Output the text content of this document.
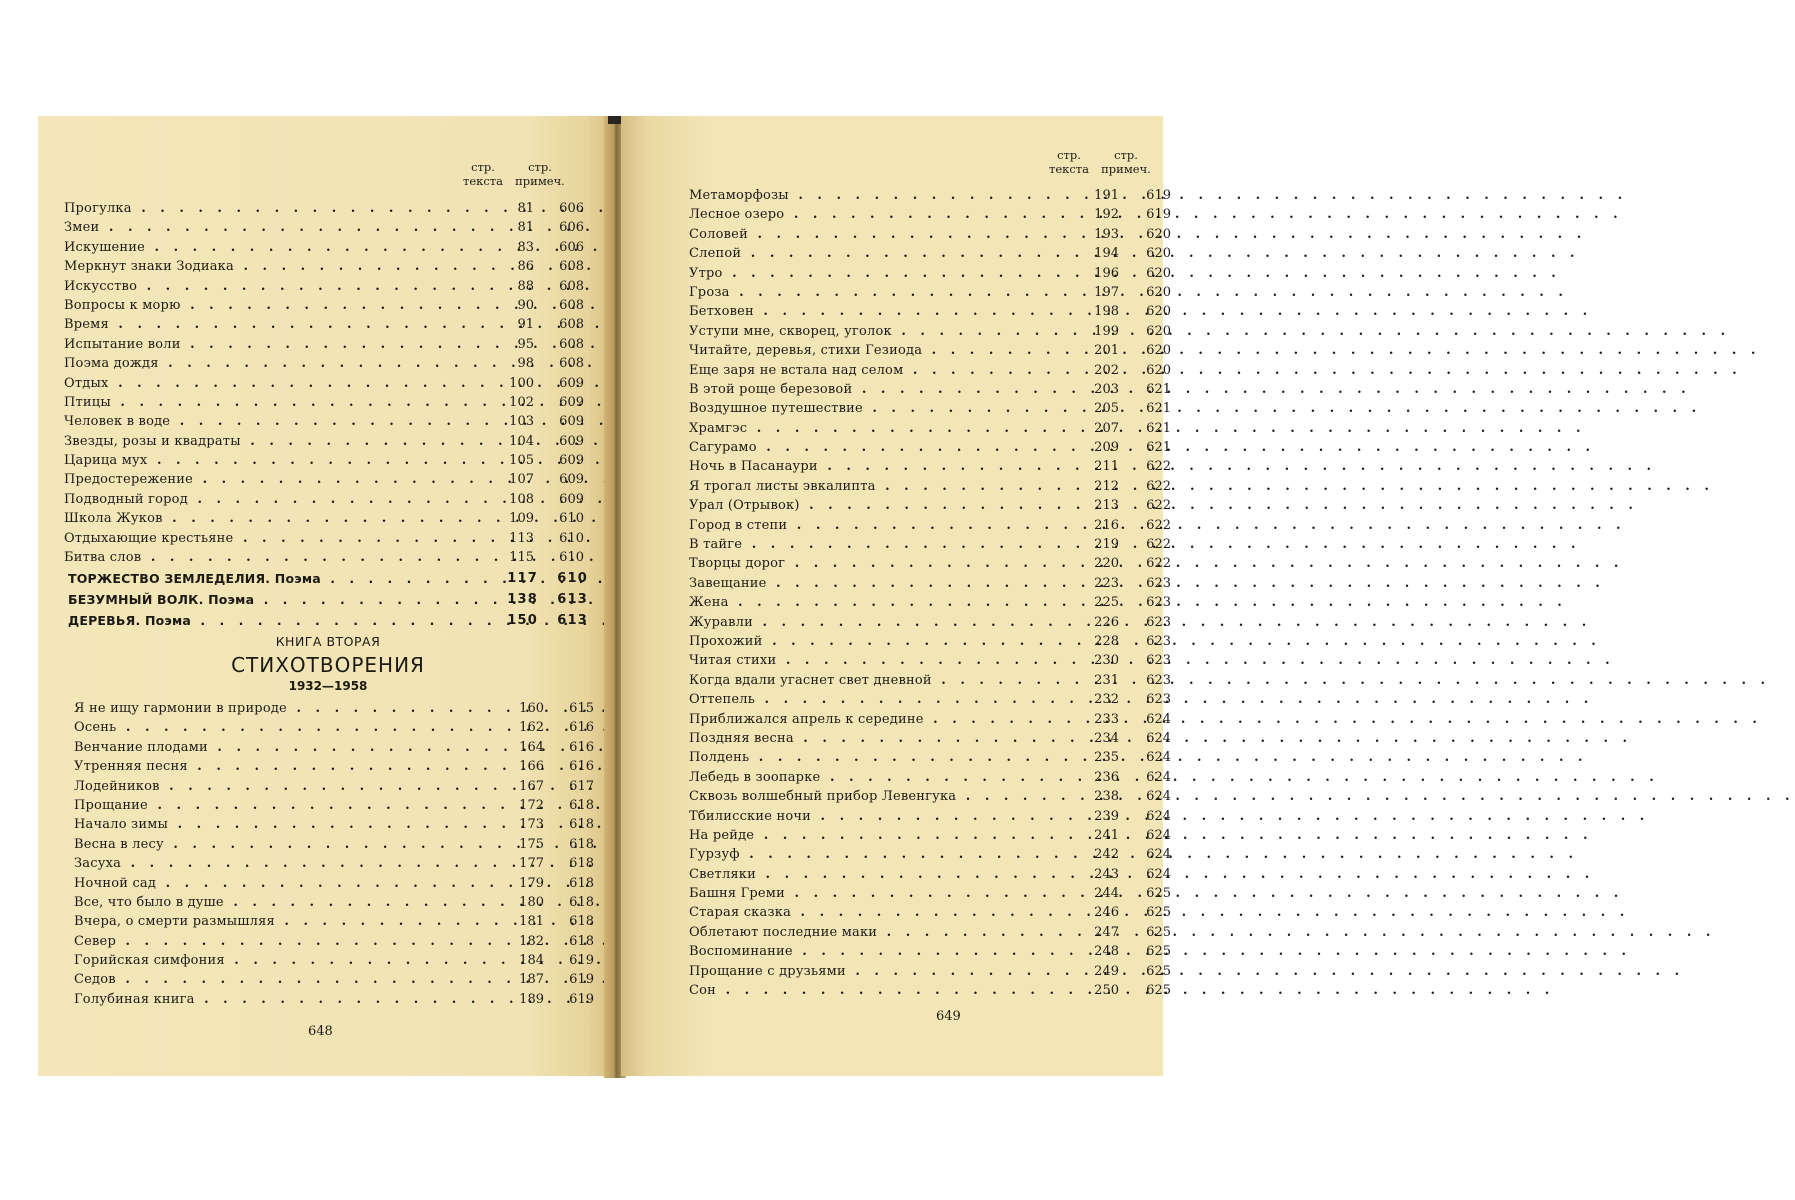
стр.
текста
стр.
примеч.
Прогулка . . .	81	606
Змеи . . .	81	606
Искушение . . .	83	606
Меркнут знаки Зодиака . . .	86	608
Искусство . . .	88	608
Вопросы к морю . . .	90	608
Время . . .	91	608
Испытание воли . . .	95	608
Поэма дождя . . .	98	608
Отдых . . .	100	609
Птицы . . .	102	609
Человек в воде . . .	103	609
Звезды, розы и квадраты . . .	104	609
Царица мух . . .	105	609
Предостережение . . .	107	609
Подводный город . . .	108	609
Школа Жуков . . .	109	610
Отдыхающие крестьяне . . .	113	610
Битва слов . . .	115	610
ТОРЖЕСТВО ЗЕМЛЕДЕЛИЯ. Поэма . . .	117	610
БЕЗУМНЫЙ ВОЛК. Поэма . . .	138	613
ДЕРЕВЬЯ. Поэма . . .	150	613
КНИГА ВТОРАЯ
СТИХОТВОРЕНИЯ
1932—1958
Я не ищу гармонии в природе . . .	160	615
Осень . . .	162	616
Венчание плодами . . .	164	616
Утренняя песня . . .	166	616
Лодейников . . .	167	617
Прощание . . .	172	618
Начало зимы . . .	173	618
Весна в лесу . . .	175	618
Засуха . . .	177	618
Ночной сад . . .	179	618
Все, что было в душе . . .	180	618
Вчера, о смерти размышляя . . .	181	618
Север . . .	182	618
Горийская симфония . . .	184	619
Седов . . .	187	619
Голубиная книга . . .	189	619
648
стр.
текста
стр.
примеч.
Метаморфозы . . .	191	619
Лесное озеро . . .	192	619
Соловей . . .	193	620
Слепой . . .	194	620
Утро . . .	196	620
Гроза . . .	197	620
Бетховен . . .	198	620
Уступи мне, скворец, уголок . . .	199	620
Читайте, деревья, стихи Гезиода . . .	201	620
Еще заря не встала над селом . . .	202	620
В этой роще березовой . . .	203	621
Воздушное путешествие . . .	205	621
Храмгэс . . .	207	621
Сагурамо . . .	209	621
Ночь в Пасанаури . . .	211	622
Я трогал листы эвкалипта . . .	212	622
Урал (Отрывок) . . .	213	622
Город в степи . . .	216	622
В тайге . . .	219	622
Творцы дорог . . .	220	622
Завещание . . .	223	623
Жена . . .	225	623
Журавли . . .	226	623
Прохожий . . .	228	623
Читая стихи . . .	230	623
Когда вдали угаснет свет дневной . . .	231	623
Оттепель . . .	232	623
Приближался апрель к середине . . .	233	624
Поздняя весна . . .	234	624
Полдень . . .	235	624
Лебедь в зоопарке . . .	236	624
Сквозь волшебный прибор Левенгука . . .	238	624
Тбилисские ночи . . .	239	624
На рейде . . .	241	624
Гурзуф . . .	242	624
Светляки . . .	243	624
Башня Греми . . .	244	625
Старая сказка . . .	246	625
Облетают последние маки . . .	247	625
Воспоминание . . .	248	625
Прощание с друзьями . . .	249	625
Сон . . .	250	625
649
